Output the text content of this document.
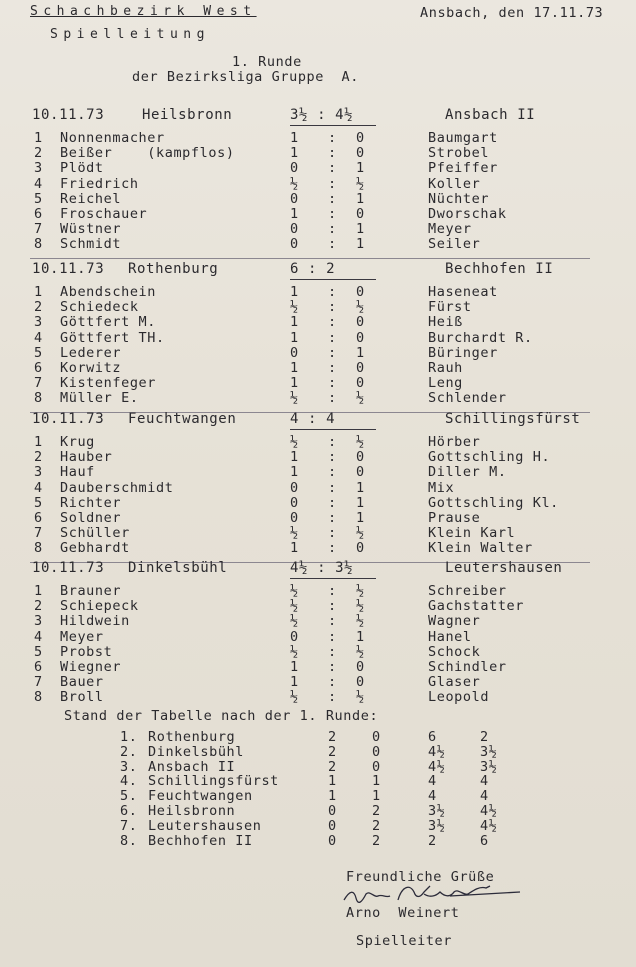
Schachbezirk West	Ansbach, den 17.11.73
Spielleitung
1. Runde
der Bezirksliga Gruppe  A.
10.11.73	Heilsbronn	3½ : 4½	Ansbach II
1 Nonnenmacher	1 : 0	Baumgart
2 Beißer    (kampflos)	1 : 0	Strobel
3 Plödt	0 : 1	Pfeiffer
4 Friedrich	½ : ½	Koller
5 Reichel	0 : 1	Nüchter
6 Froschauer	1 : 0	Dworschak
7 Wüstner	0 : 1	Meyer
8 Schmidt	0 : 1	Seiler
10.11.73 Rothenburg	6 : 2	Bechhofen II
1 Abendschein	1 : 0	Haseneat
2 Schiedeck	½ : ½	Fürst
3 Göttfert M.	1 : 0	Heiß
4 Göttfert TH.	1 : 0	Burchardt R.
5 Lederer	0 : 1	Büringer
6 Korwitz	1 : 0	Rauh
7 Kistenfeger	1 : 0	Leng
8 Müller E.	½ : ½	Schlender
10.11.73 Feuchtwangen	4 : 4	Schillingsfürst
1 Krug	½ : ½	Hörber
2 Hauber	1 : 0	Gottschling H.
3 Hauf	1 : 0	Diller M.
4 Dauberschmidt	0 : 1	Mix
5 Richter	0 : 1	Gottschling Kl.
6 Soldner	0 : 1	Prause
7 Schüller	½ : ½	Klein Karl
8 Gebhardt	1 : 0	Klein Walter
10.11.73 Dinkelsbühl	4½ : 3½	Leutershausen
1 Brauner	½ : ½	Schreiber
2 Schiepeck	½ : ½	Gachstatter
3 Hildwein	½ : ½	Wagner
4 Meyer	0 : 1	Hanel
5 Probst	½ : ½	Schock
6 Wiegner	1 : 0	Schindler
7 Bauer	1 : 0	Glaser
8 Broll	½ : ½	Leopold
Stand der Tabelle nach der 1. Runde:
1. Rothenburg	2	0	6	2
2. Dinkelsbühl	2	0	4½	3½
3. Ansbach II	2	0	4½	3½
4. Schillingsfürst	1	1	4	4
5. Feuchtwangen	1	1	4	4
6. Heilsbronn	0	2	3½	4½
7. Leutershausen	0	2	3½	4½
8. Bechhofen II	0	2	2	6
Freundliche Grüße
Arno  Weinert
Spielleiter
